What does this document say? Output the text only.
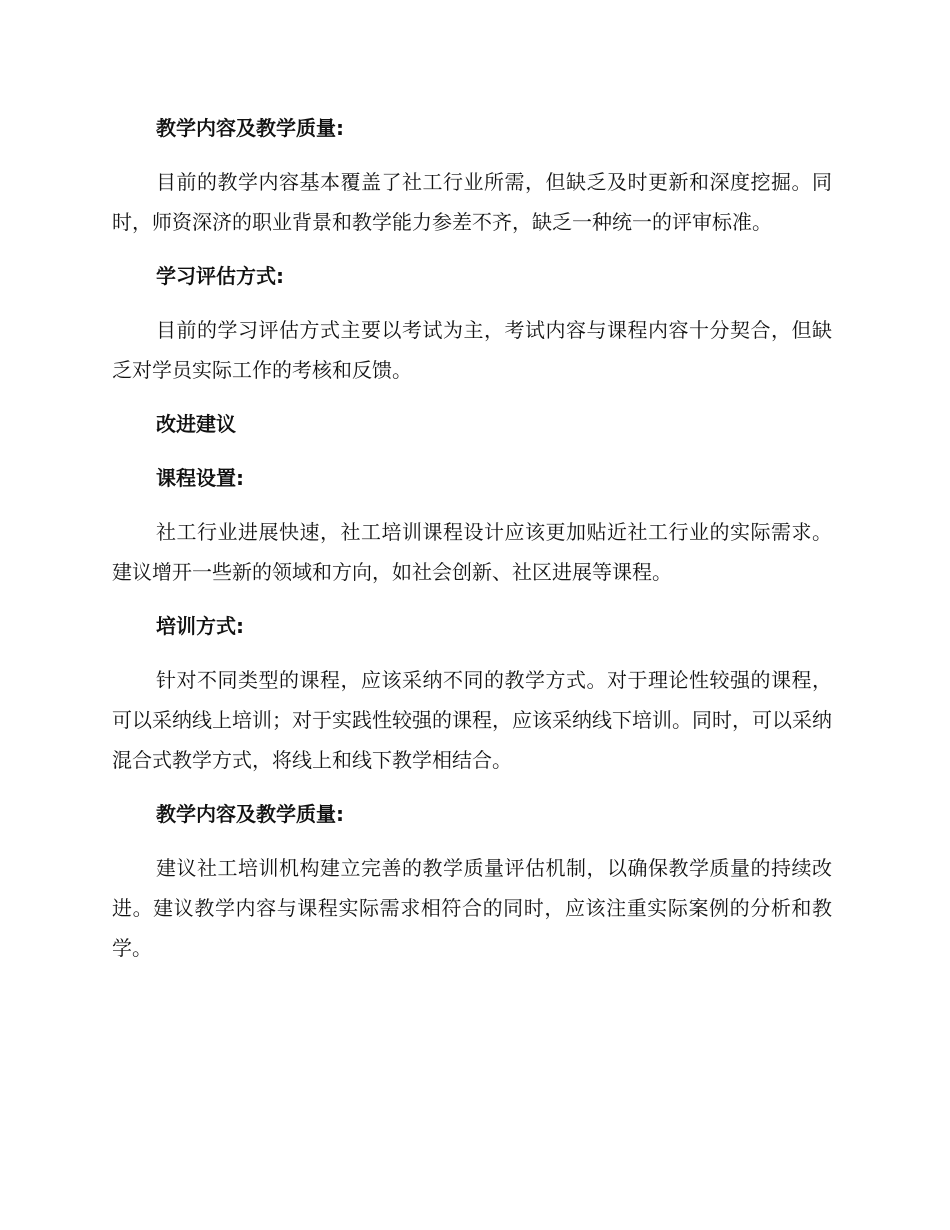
教学内容及教学质量:

目前的教学内容基本覆盖了社工行业所需，但缺乏及时更新和深度挖掘。同时，师资深济的职业背景和教学能力参差不齐，缺乏一种统一的评审标准。

学习评估方式:

目前的学习评估方式主要以考试为主，考试内容与课程内容十分契合，但缺乏对学员实际工作的考核和反馈。

改进建议
课程设置:

社工行业进展快速，社工培训课程设计应该更加贴近社工行业的实际需求。建议增开一些新的领域和方向，如社会创新、社区进展等课程。

培训方式:

针对不同类型的课程，应该采纳不同的教学方式。对于理论性较强的课程，可以采纳线上培训；对于实践性较强的课程，应该采纳线下培训。同时，可以采纳混合式教学方式，将线上和线下教学相结合。

教学内容及教学质量:

建议社工培训机构建立完善的教学质量评估机制，以确保教学质量的持续改进。建议教学内容与课程实际需求相符合的同时，应该注重实际案例的分析和教学。
